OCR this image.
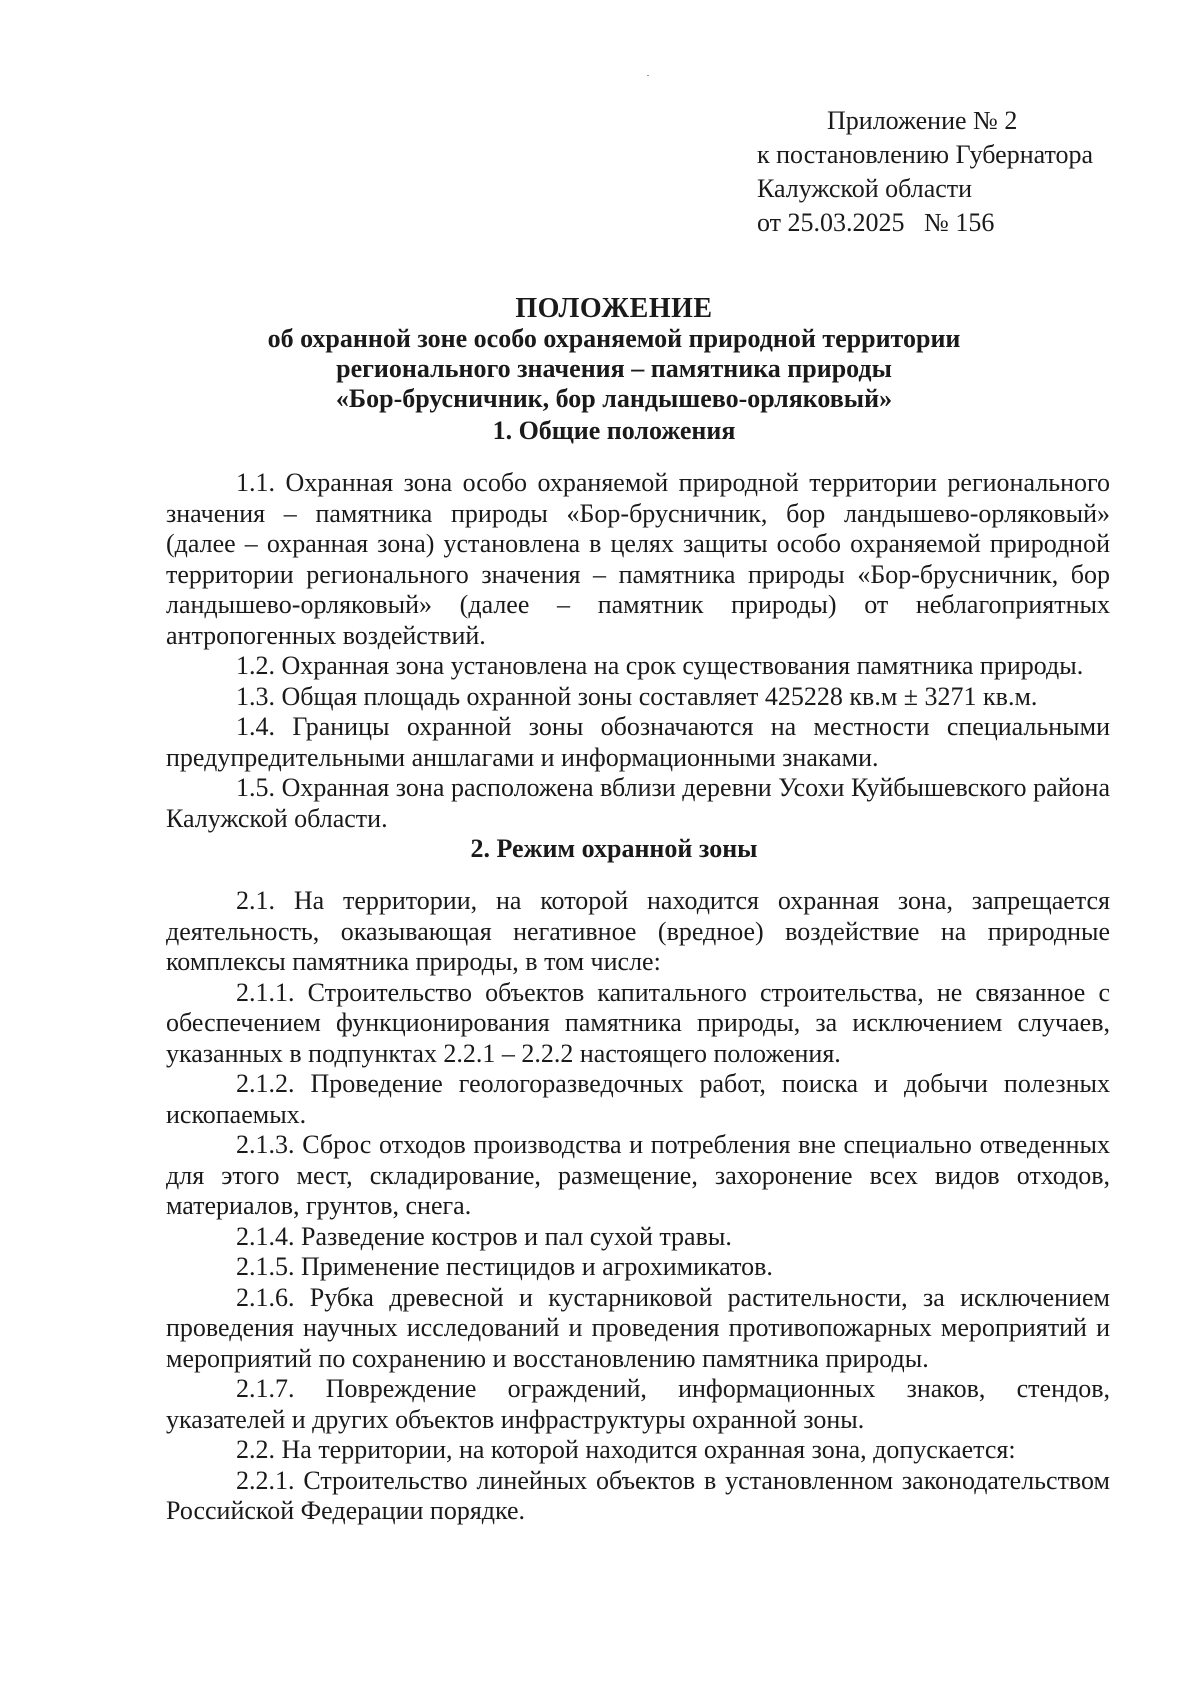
Приложение № 2
к постановлению Губернатора
Калужской области
от 25.03.2025   № 156
ПОЛОЖЕНИЕ
об охранной зоне особо охраняемой природной территории
регионального значения – памятника природы
«Бор-брусничник, бор ландышево-орляковый»
1. Общие положения

1.1. Охранная зона особо охраняемой природной территории регионального значения – памятника природы «Бор-брусничник, бор ландышево-орляковый» (далее – охранная зона) установлена в целях защиты особо охраняемой природной территории регионального значения – памятника природы «Бор-брусничник, бор ландышево-орляковый» (далее – памятник природы) от неблагоприятных антропогенных воздействий.

1.2. Охранная зона установлена на срок существования памятника природы.

1.3. Общая площадь охранной зоны составляет 425228 кв.м ± 3271 кв.м.

1.4. Границы охранной зоны обозначаются на местности специальными предупредительными аншлагами и информационными знаками.

1.5. Охранная зона расположена вблизи деревни Усохи Куйбышевского района Калужской области.

2. Режим охранной зоны

2.1. На территории, на которой находится охранная зона, запрещается деятельность, оказывающая негативное (вредное) воздействие на природные комплексы памятника природы, в том числе:

2.1.1. Строительство объектов капитального строительства, не связанное с обеспечением функционирования памятника природы, за исключением случаев, указанных в подпунктах 2.2.1 – 2.2.2 настоящего положения.

2.1.2. Проведение геологоразведочных работ, поиска и добычи полезных ископаемых.

2.1.3. Сброс отходов производства и потребления вне специально отведенных для этого мест, складирование, размещение, захоронение всех видов отходов, материалов, грунтов, снега.

2.1.4. Разведение костров и пал сухой травы.

2.1.5. Применение пестицидов и агрохимикатов.

2.1.6. Рубка древесной и кустарниковой растительности, за исключением проведения научных исследований и проведения противопожарных мероприятий и мероприятий по сохранению и восстановлению памятника природы.

2.1.7. Повреждение ограждений, информационных знаков, стендов, указателей и других объектов инфраструктуры охранной зоны.

2.2. На территории, на которой находится охранная зона, допускается:

2.2.1. Строительство линейных объектов в установленном законодательством Российской Федерации порядке.
